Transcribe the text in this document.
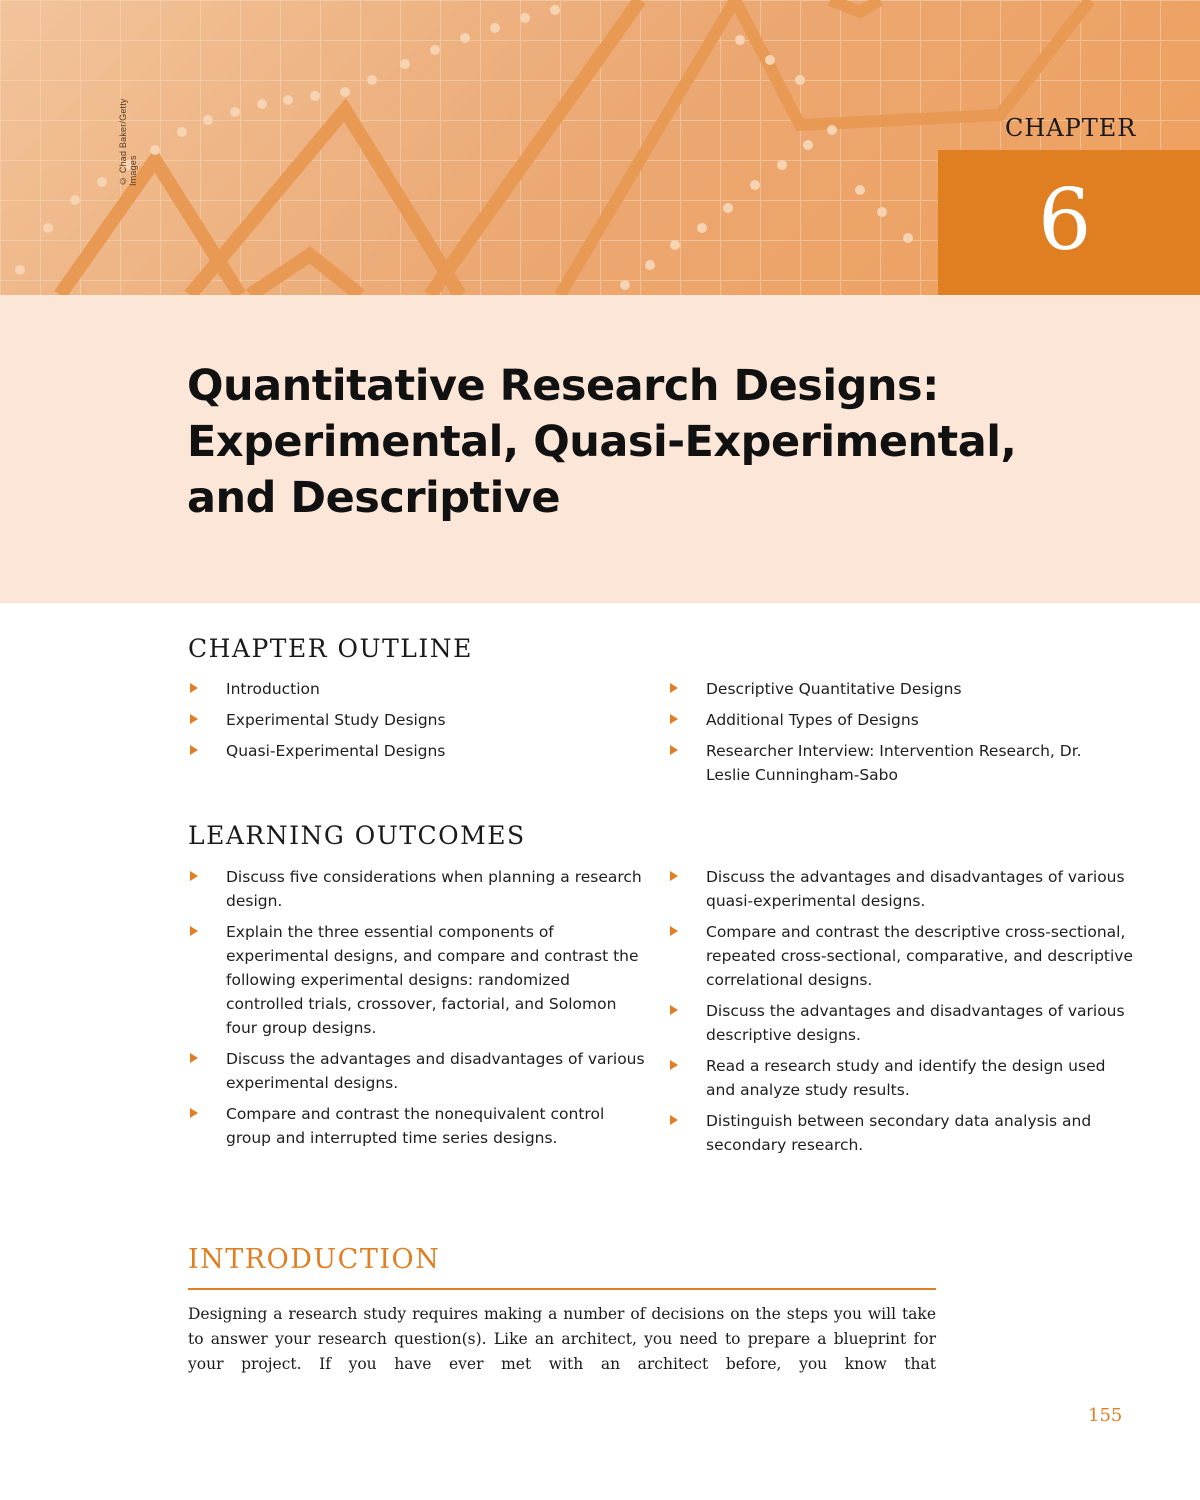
© Chad Baker/Getty Images
CHAPTER
6
Quantitative Research Designs:
Experimental, Quasi-Experimental,
and Descriptive
CHAPTER OUTLINE
Introduction
Experimental Study Designs
Quasi-Experimental Designs
Descriptive Quantitative Designs
Additional Types of Designs
Researcher Interview: Intervention Research, Dr. Leslie Cunningham-Sabo
LEARNING OUTCOMES
Discuss five considerations when planning a research design.
Explain the three essential components of experimental designs, and compare and contrast the following experimental designs: randomized controlled trials, crossover, factorial, and Solomon four group designs.
Discuss the advantages and disadvantages of various experimental designs.
Compare and contrast the nonequivalent control group and interrupted time series designs.
Discuss the advantages and disadvantages of various quasi-experimental designs.
Compare and contrast the descriptive cross-sectional, repeated cross-sectional, comparative, and descriptive correlational designs.
Discuss the advantages and disadvantages of various descriptive designs.
Read a research study and identify the design used and analyze study results.
Distinguish between secondary data analysis and secondary research.
INTRODUCTION
Designing a research study requires making a number of decisions on the steps you will take to answer your research question(s). Like an architect, you need to prepare a blueprint for your project. If you have ever met with an architect before, you know that
155
